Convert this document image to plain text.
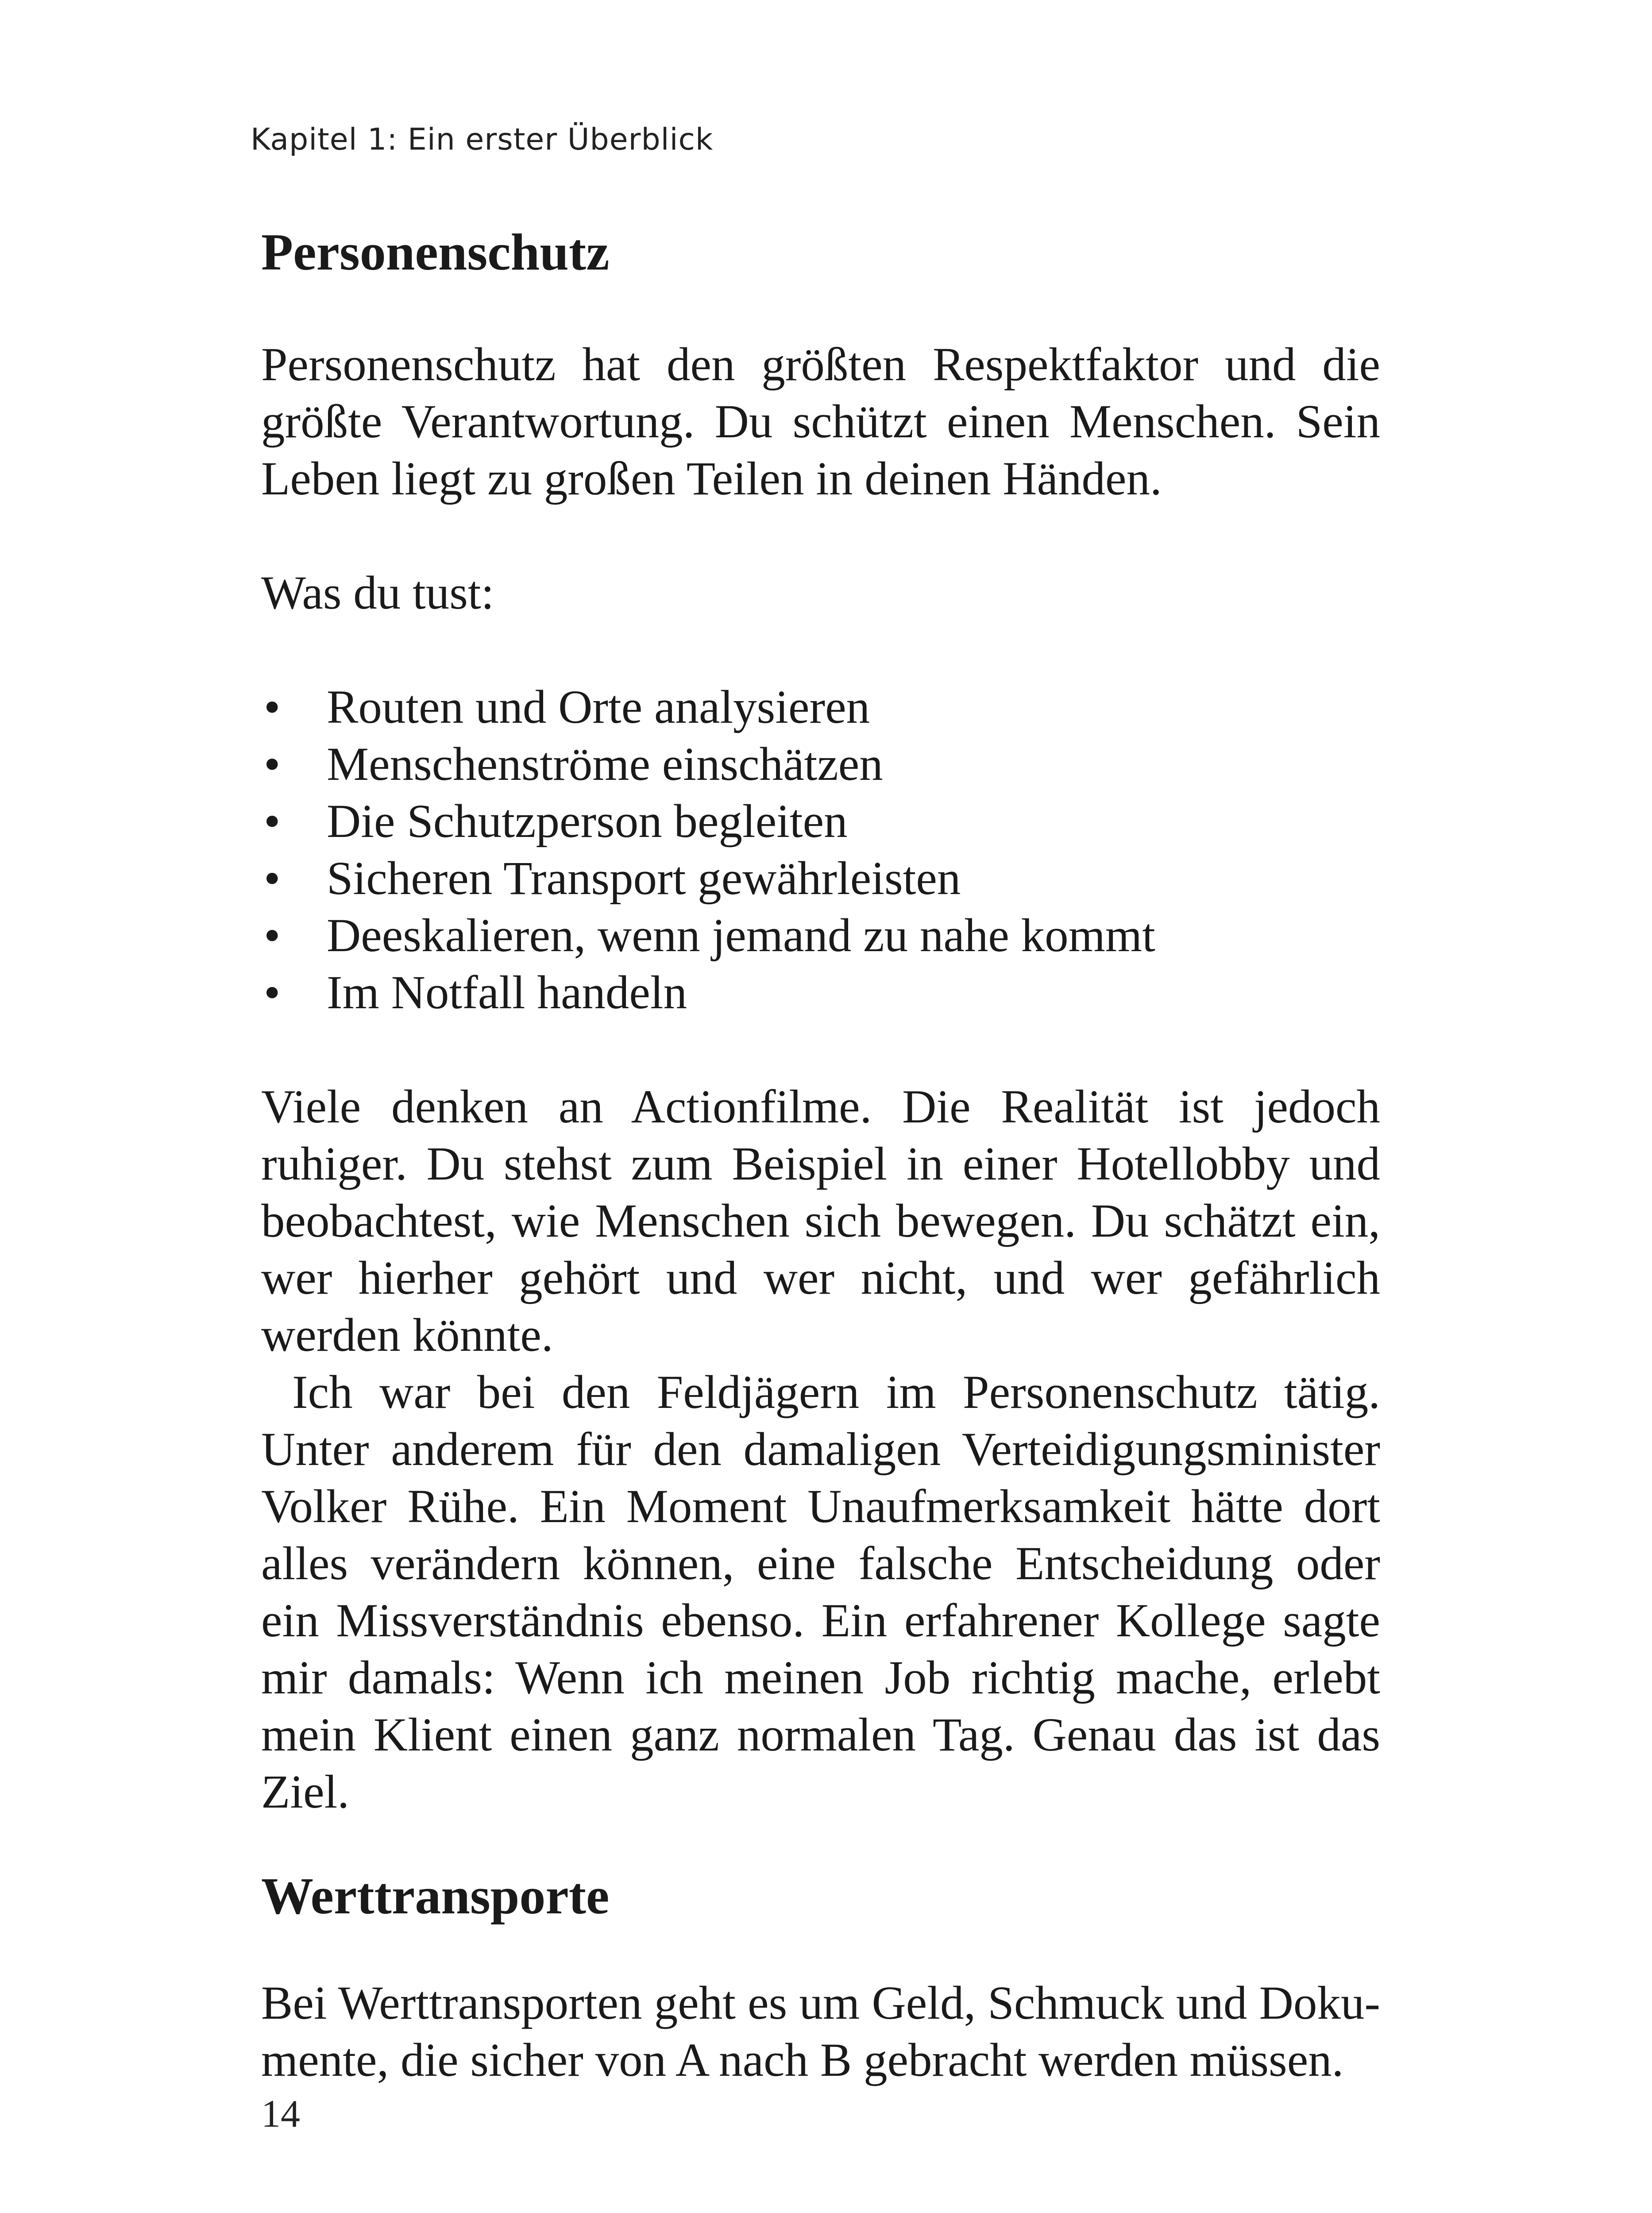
Kapitel 1: Ein erster Überblick
Personenschutz

Personenschutz hat den größten Respektfaktor und die größte Verantwortung. Du schützt einen Menschen. Sein Leben liegt zu großen Teilen in deinen Händen.

Was du tust:

• Routen und Orte analysieren
• Menschenströme einschätzen
• Die Schutzperson begleiten
• Sicheren Transport gewährleisten
• Deeskalieren, wenn jemand zu nahe kommt
• Im Notfall handeln

Viele denken an Actionfilme. Die Realität ist jedoch ruhiger. Du stehst zum Beispiel in einer Hotellobby und beobachtest, wie Menschen sich bewegen. Du schätzt ein, wer hierher gehört und wer nicht, und wer gefährlich werden könnte.

Ich war bei den Feldjägern im Personenschutz tätig. Unter anderem für den damaligen Verteidigungsminister Volker Rühe. Ein Moment Unaufmerksamkeit hätte dort alles verändern können, eine falsche Entscheidung oder ein Missverständnis ebenso. Ein erfahrener Kollege sagte mir damals: Wenn ich meinen Job richtig mache, erlebt mein Klient einen ganz normalen Tag. Genau das ist das Ziel.

Werttransporte

Bei Werttransporten geht es um Geld, Schmuck und Dokumente, die sicher von A nach B gebracht werden müssen.

14
